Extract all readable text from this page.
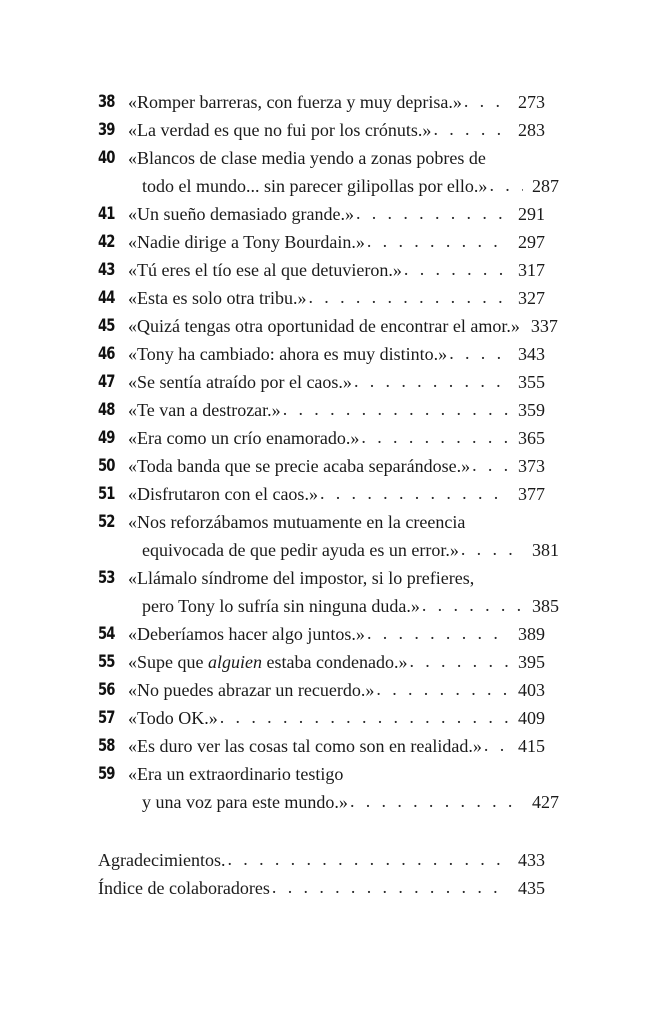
38 «Romper barreras, con fuerza y muy deprisa.» . . .	273
39 «La verdad es que no fui por los crónuts.» . . .	283
40 «Blancos de clase media yendo a zonas pobres de
todo el mundo... sin parecer gilipollas por ello.» . . .	287
41 «Un sueño demasiado grande.» . . .	291
42 «Nadie dirige a Tony Bourdain.» . . .	297
43 «Tú eres el tío ese al que detuvieron.» . . .	317
44 «Esta es solo otra tribu.» . . .	327
45 «Quizá tengas otra oportunidad de encontrar el amor.» 337
46 «Tony ha cambiado: ahora es muy distinto.» . . .	343
47 «Se sentía atraído por el caos.» . . .	355
48 «Te van a destrozar.» . . .	359
49 «Era como un crío enamorado.» . . .	365
50 «Toda banda que se precie acaba separándose.» . . .	373
51 «Disfrutaron con el caos.» . . .	377
52 «Nos reforzábamos mutuamente en la creencia
equivocada de que pedir ayuda es un error.» . . .	381
53 «Llámalo síndrome del impostor, si lo prefieres,
pero Tony lo sufría sin ninguna duda.» . . .	385
54 «Deberíamos hacer algo juntos.» . . .	389
55 «Supe que alguien estaba condenado.» . . .	395
56 «No puedes abrazar un recuerdo.» . . .	403
57 «Todo OK.» . . .	409
58 «Es duro ver las cosas tal como son en realidad.» . . .	415
59 «Era un extraordinario testigo
y una voz para este mundo.» . . .	427
Agradecimientos. . . .	433
Índice de colaboradores . . .	435
